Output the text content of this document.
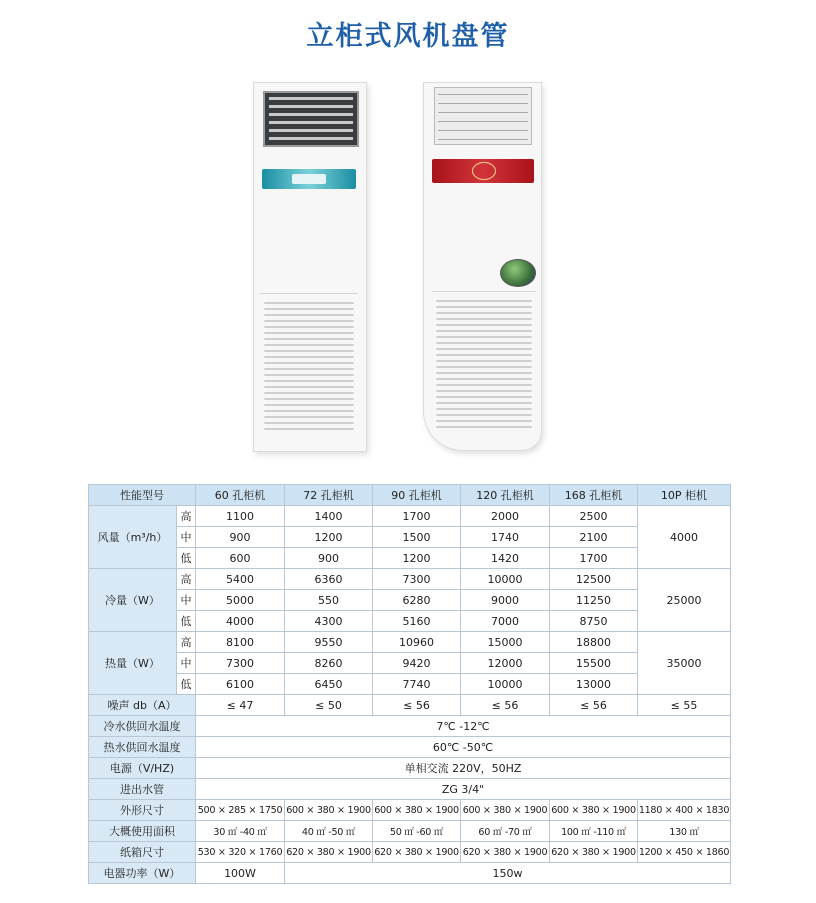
立柜式风机盘管
性能型号		60 孔柜机	72 孔柜机	90 孔柜机	120 孔柜机	168 孔柜机	10P 柜机
风量（m³/h）	高	1100	1400	1700	2000	2500	4000
	中	900	1200	1500	1740	2100	
	低	600	900	1200	1420	1700	
冷量（W）	高	5400	6360	7300	10000	12500	25000
	中	5000	550	6280	9000	11250	
	低	4000	4300	5160	7000	8750	
热量（W）	高	8100	9550	10960	15000	18800	35000
	中	7300	8260	9420	12000	15500	
	低	6100	6450	7740	10000	13000	
噪声 db（A）		≤ 47	≤ 50	≤ 56	≤ 56	≤ 56	≤ 55
冷水供回水温度		7℃ -12℃					
热水供回水温度		60℃ -50℃					
电源（V/HZ)		单相交流 220V，50HZ					
进出水管		ZG 3/4"					
外形尺寸		500 × 285 × 1750	600 × 380 × 1900	600 × 380 × 1900	600 × 380 × 1900	600 × 380 × 1900	1180 × 400 × 1830
大概使用面积		30 ㎡ -40 ㎡	40 ㎡ -50 ㎡	50 ㎡ -60 ㎡	60 ㎡ -70 ㎡	100 ㎡ -110 ㎡	130 ㎡
纸箱尺寸		530 × 320 × 1760	620 × 380 × 1900	620 × 380 × 1900	620 × 380 × 1900	620 × 380 × 1900	1200 × 450 × 1860
电器功率（W）		100W	150w				
